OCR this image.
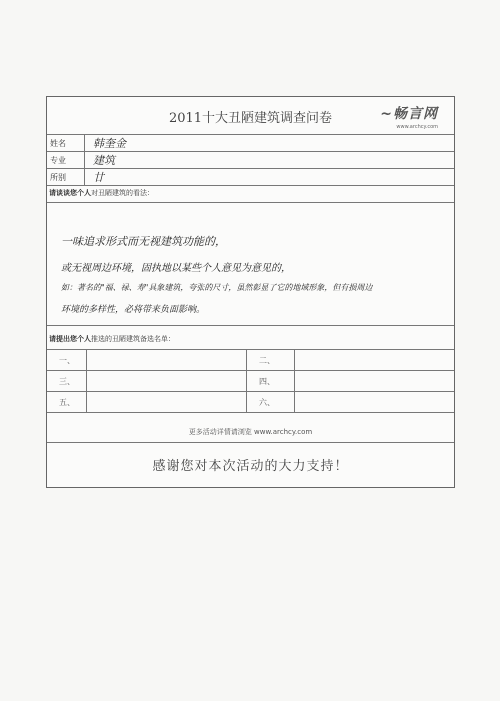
2011十大丑陋建筑调查问卷	~畅言网
www.archcy.com
姓名	韩奎金
专业	建筑
所别	廿
请谈谈您个人对丑陋建筑的看法：
一味追求形式而无视建筑功能的，
或无视周边环境，固执地以某些个人意见为意见的，
如：著名的"福、禄、寿"具象建筑，夸张的尺寸，虽然彰显了它的地域形象，但有损周边
环境的多样性，必将带来负面影响。
请提出您个人推选的丑陋建筑备选名单：
一、	二、
三、	四、
五、	六、
更多活动详情请浏览 www.archcy.com
感谢您对本次活动的大力支持！
